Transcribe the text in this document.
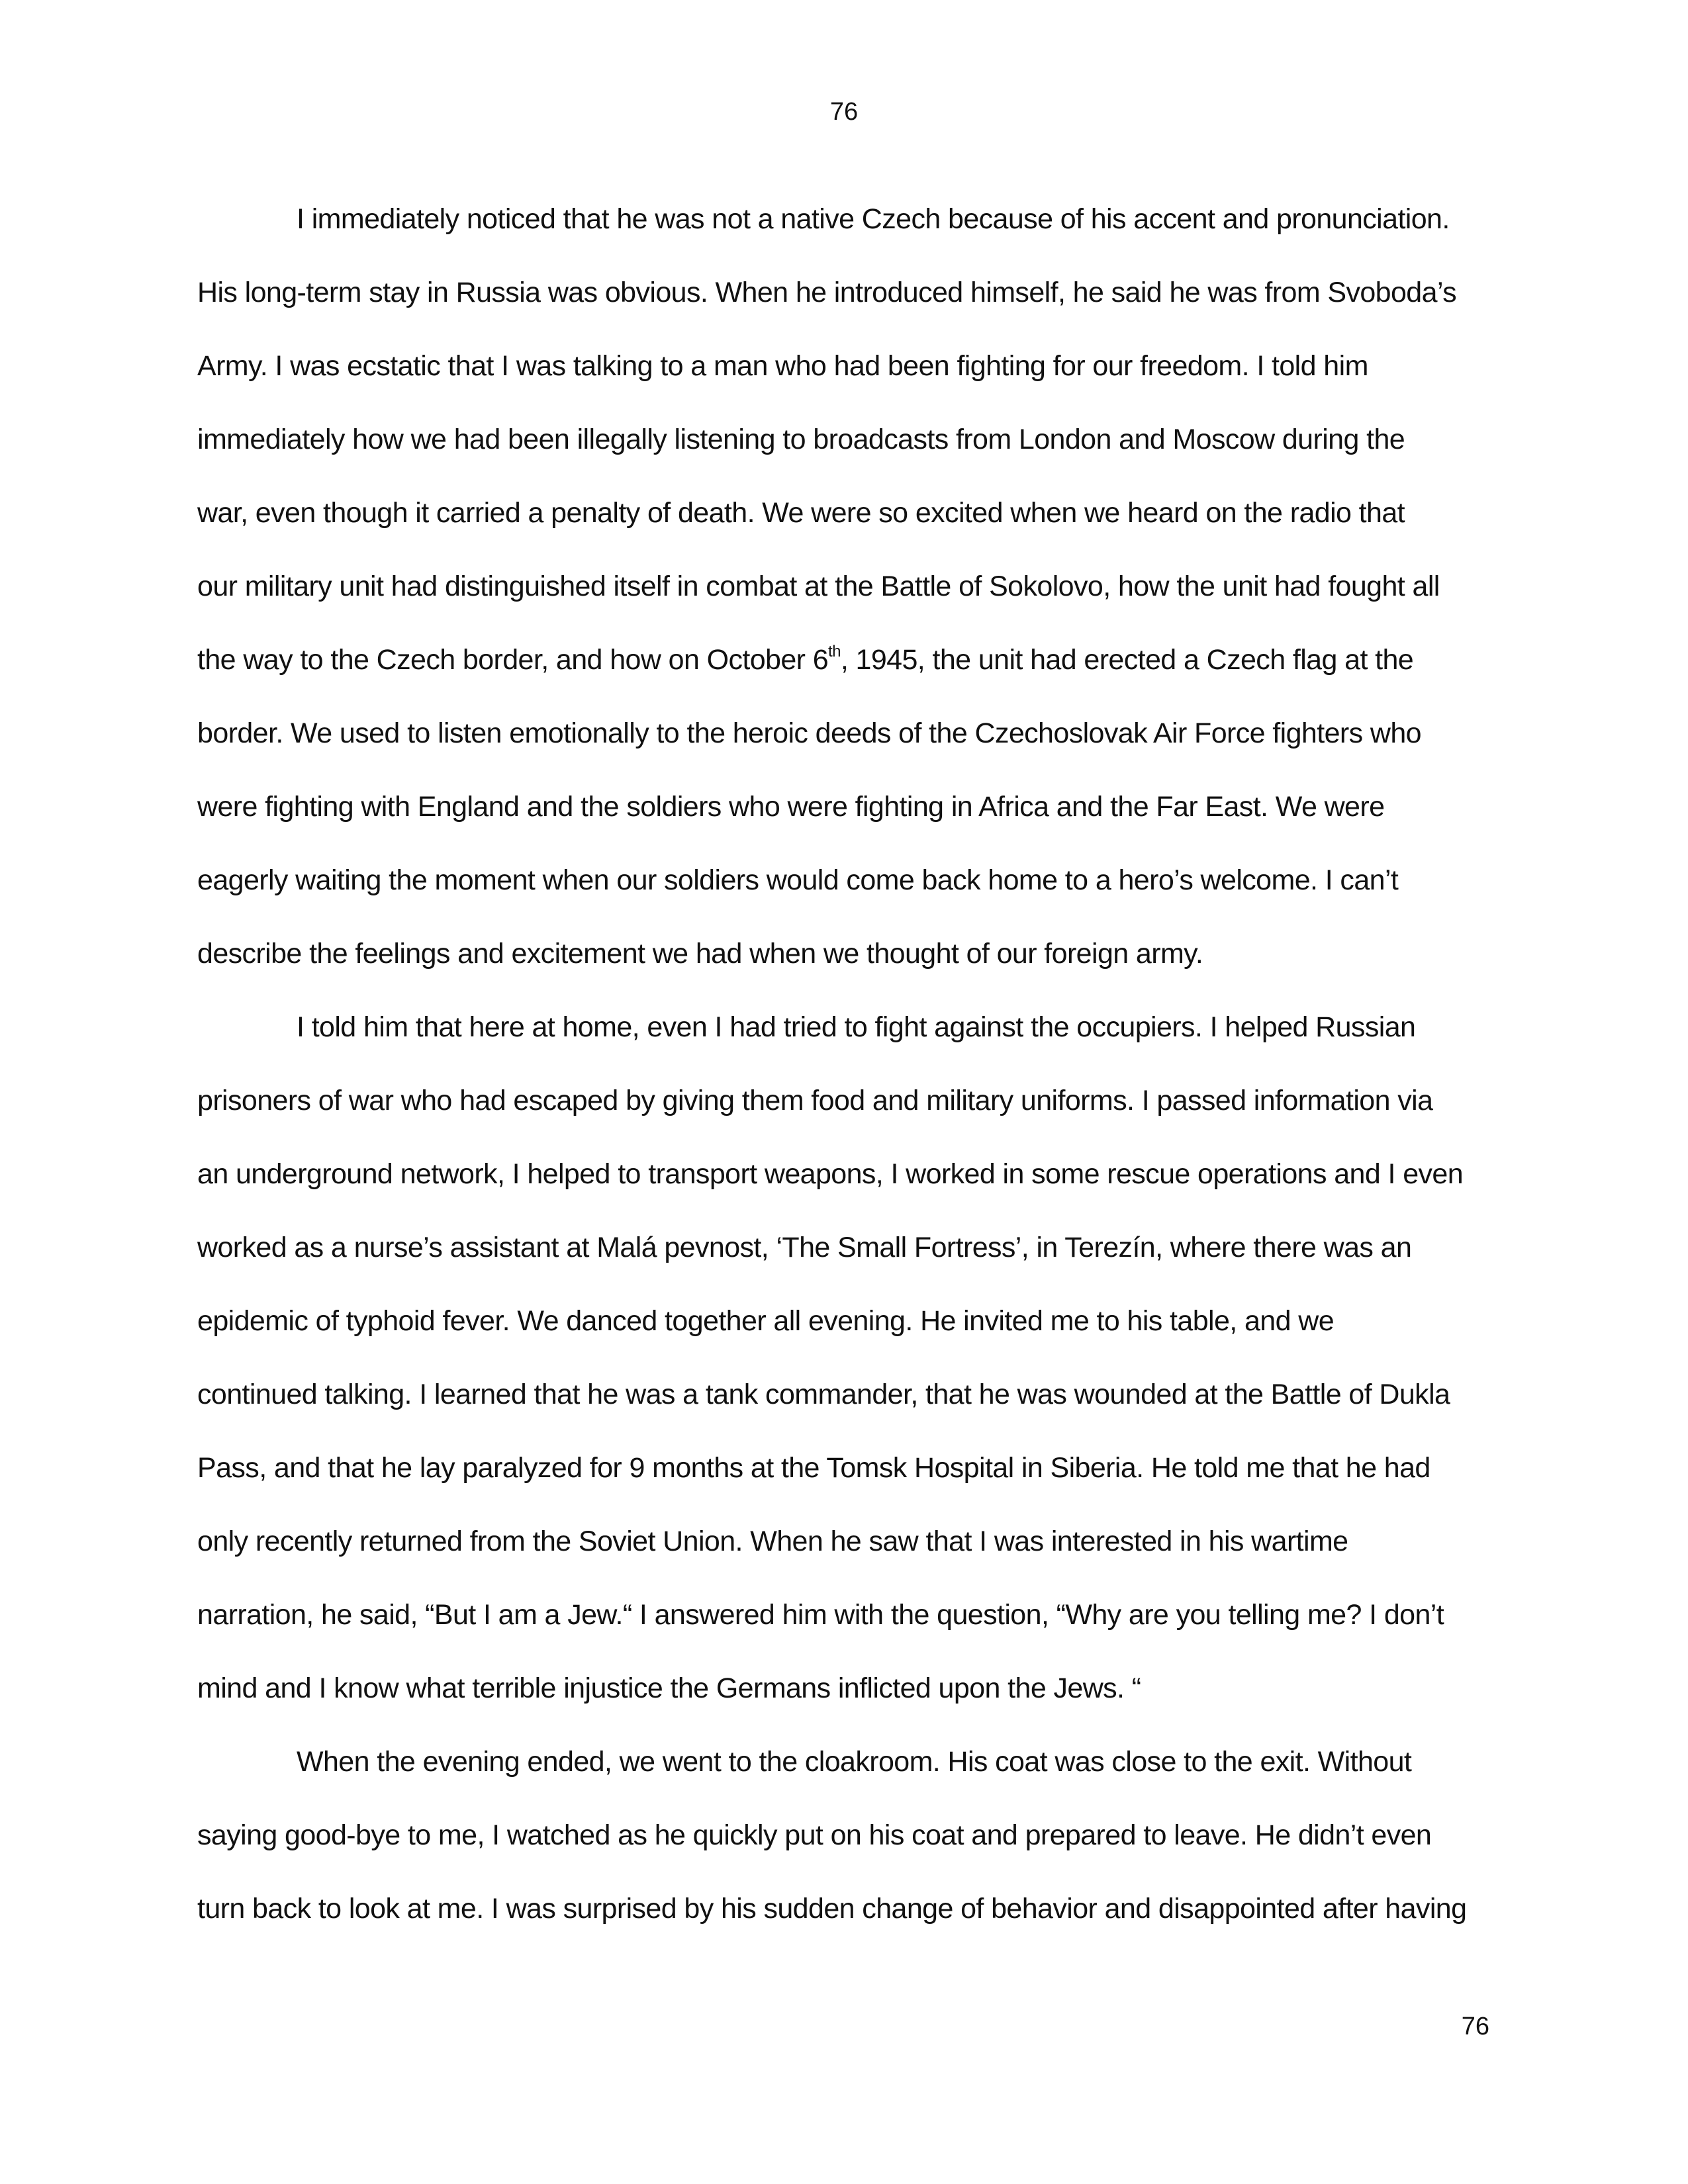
76
I immediately noticed that he was not a native Czech because of his accent and pronunciation.
His long-term stay in Russia was obvious. When he introduced himself, he said he was from Svoboda’s
Army. I was ecstatic that I was talking to a man who had been fighting for our freedom. I told him
immediately how we had been illegally listening to broadcasts from London and Moscow during the
war, even though it carried a penalty of death. We were so excited when we heard on the radio that
our military unit had distinguished itself in combat at the Battle of Sokolovo, how the unit had fought all
the way to the Czech border, and how on October 6th, 1945, the unit had erected a Czech flag at the
border. We used to listen emotionally to the heroic deeds of the Czechoslovak Air Force fighters who
were fighting with England and the soldiers who were fighting in Africa and the Far East. We were
eagerly waiting the moment when our soldiers would come back home to a hero’s welcome. I can’t
describe the feelings and excitement we had when we thought of our foreign army.
I told him that here at home, even I had tried to fight against the occupiers. I helped Russian
prisoners of war who had escaped by giving them food and military uniforms. I passed information via
an underground network, I helped to transport weapons, I worked in some rescue operations and I even
worked as a nurse’s assistant at Malá pevnost, ‘The Small Fortress’, in Terezín, where there was an
epidemic of typhoid fever. We danced together all evening. He invited me to his table, and we
continued talking. I learned that he was a tank commander, that he was wounded at the Battle of Dukla
Pass, and that he lay paralyzed for 9 months at the Tomsk Hospital in Siberia. He told me that he had
only recently returned from the Soviet Union. When he saw that I was interested in his wartime
narration, he said, “But I am a Jew.“ I answered him with the question, “Why are you telling me? I don’t
mind and I know what terrible injustice the Germans inflicted upon the Jews. “
When the evening ended, we went to the cloakroom. His coat was close to the exit. Without
saying good-bye to me, I watched as he quickly put on his coat and prepared to leave. He didn’t even
turn back to look at me. I was surprised by his sudden change of behavior and disappointed after having
76
